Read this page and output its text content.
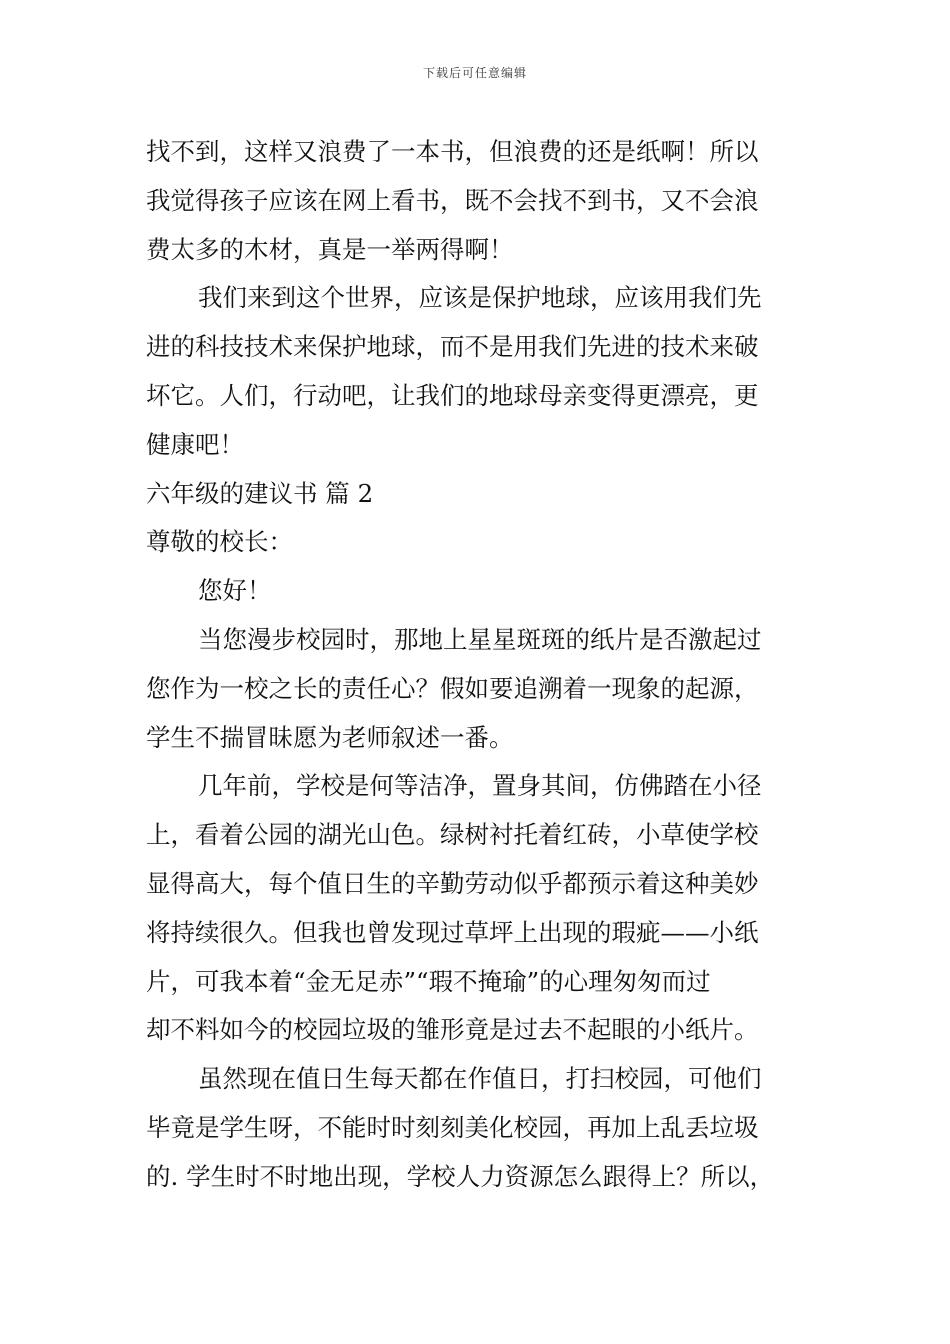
下载后可任意编辑
找不到，这样又浪费了一本书，但浪费的还是纸啊！所以
我觉得孩子应该在网上看书，既不会找不到书，又不会浪
费太多的木材，真是一举两得啊！
我们来到这个世界，应该是保护地球，应该用我们先
进的科技技术来保护地球，而不是用我们先进的技术来破
坏它。人们，行动吧，让我们的地球母亲变得更漂亮，更
健康吧！
六年级的建议书 篇 2
尊敬的校长：
您好！
当您漫步校园时，那地上星星斑斑的纸片是否激起过
您作为一校之长的责任心？假如要追溯着一现象的起源，
学生不揣冒昧愿为老师叙述一番。
几年前，学校是何等洁净，置身其间，仿佛踏在小径
上，看着公园的湖光山色。绿树衬托着红砖，小草使学校
显得高大，每个值日生的辛勤劳动似乎都预示着这种美妙
将持续很久。但我也曾发现过草坪上出现的瑕疵——小纸
片，可我本着“金无足赤”“瑕不掩瑜”的心理匆匆而过
却不料如今的校园垃圾的雏形竟是过去不起眼的小纸片。
虽然现在值日生每天都在作值日，打扫校园，可他们
毕竟是学生呀，不能时时刻刻美化校园，再加上乱丢垃圾
的. 学生时不时地出现，学校人力资源怎么跟得上？所以，
